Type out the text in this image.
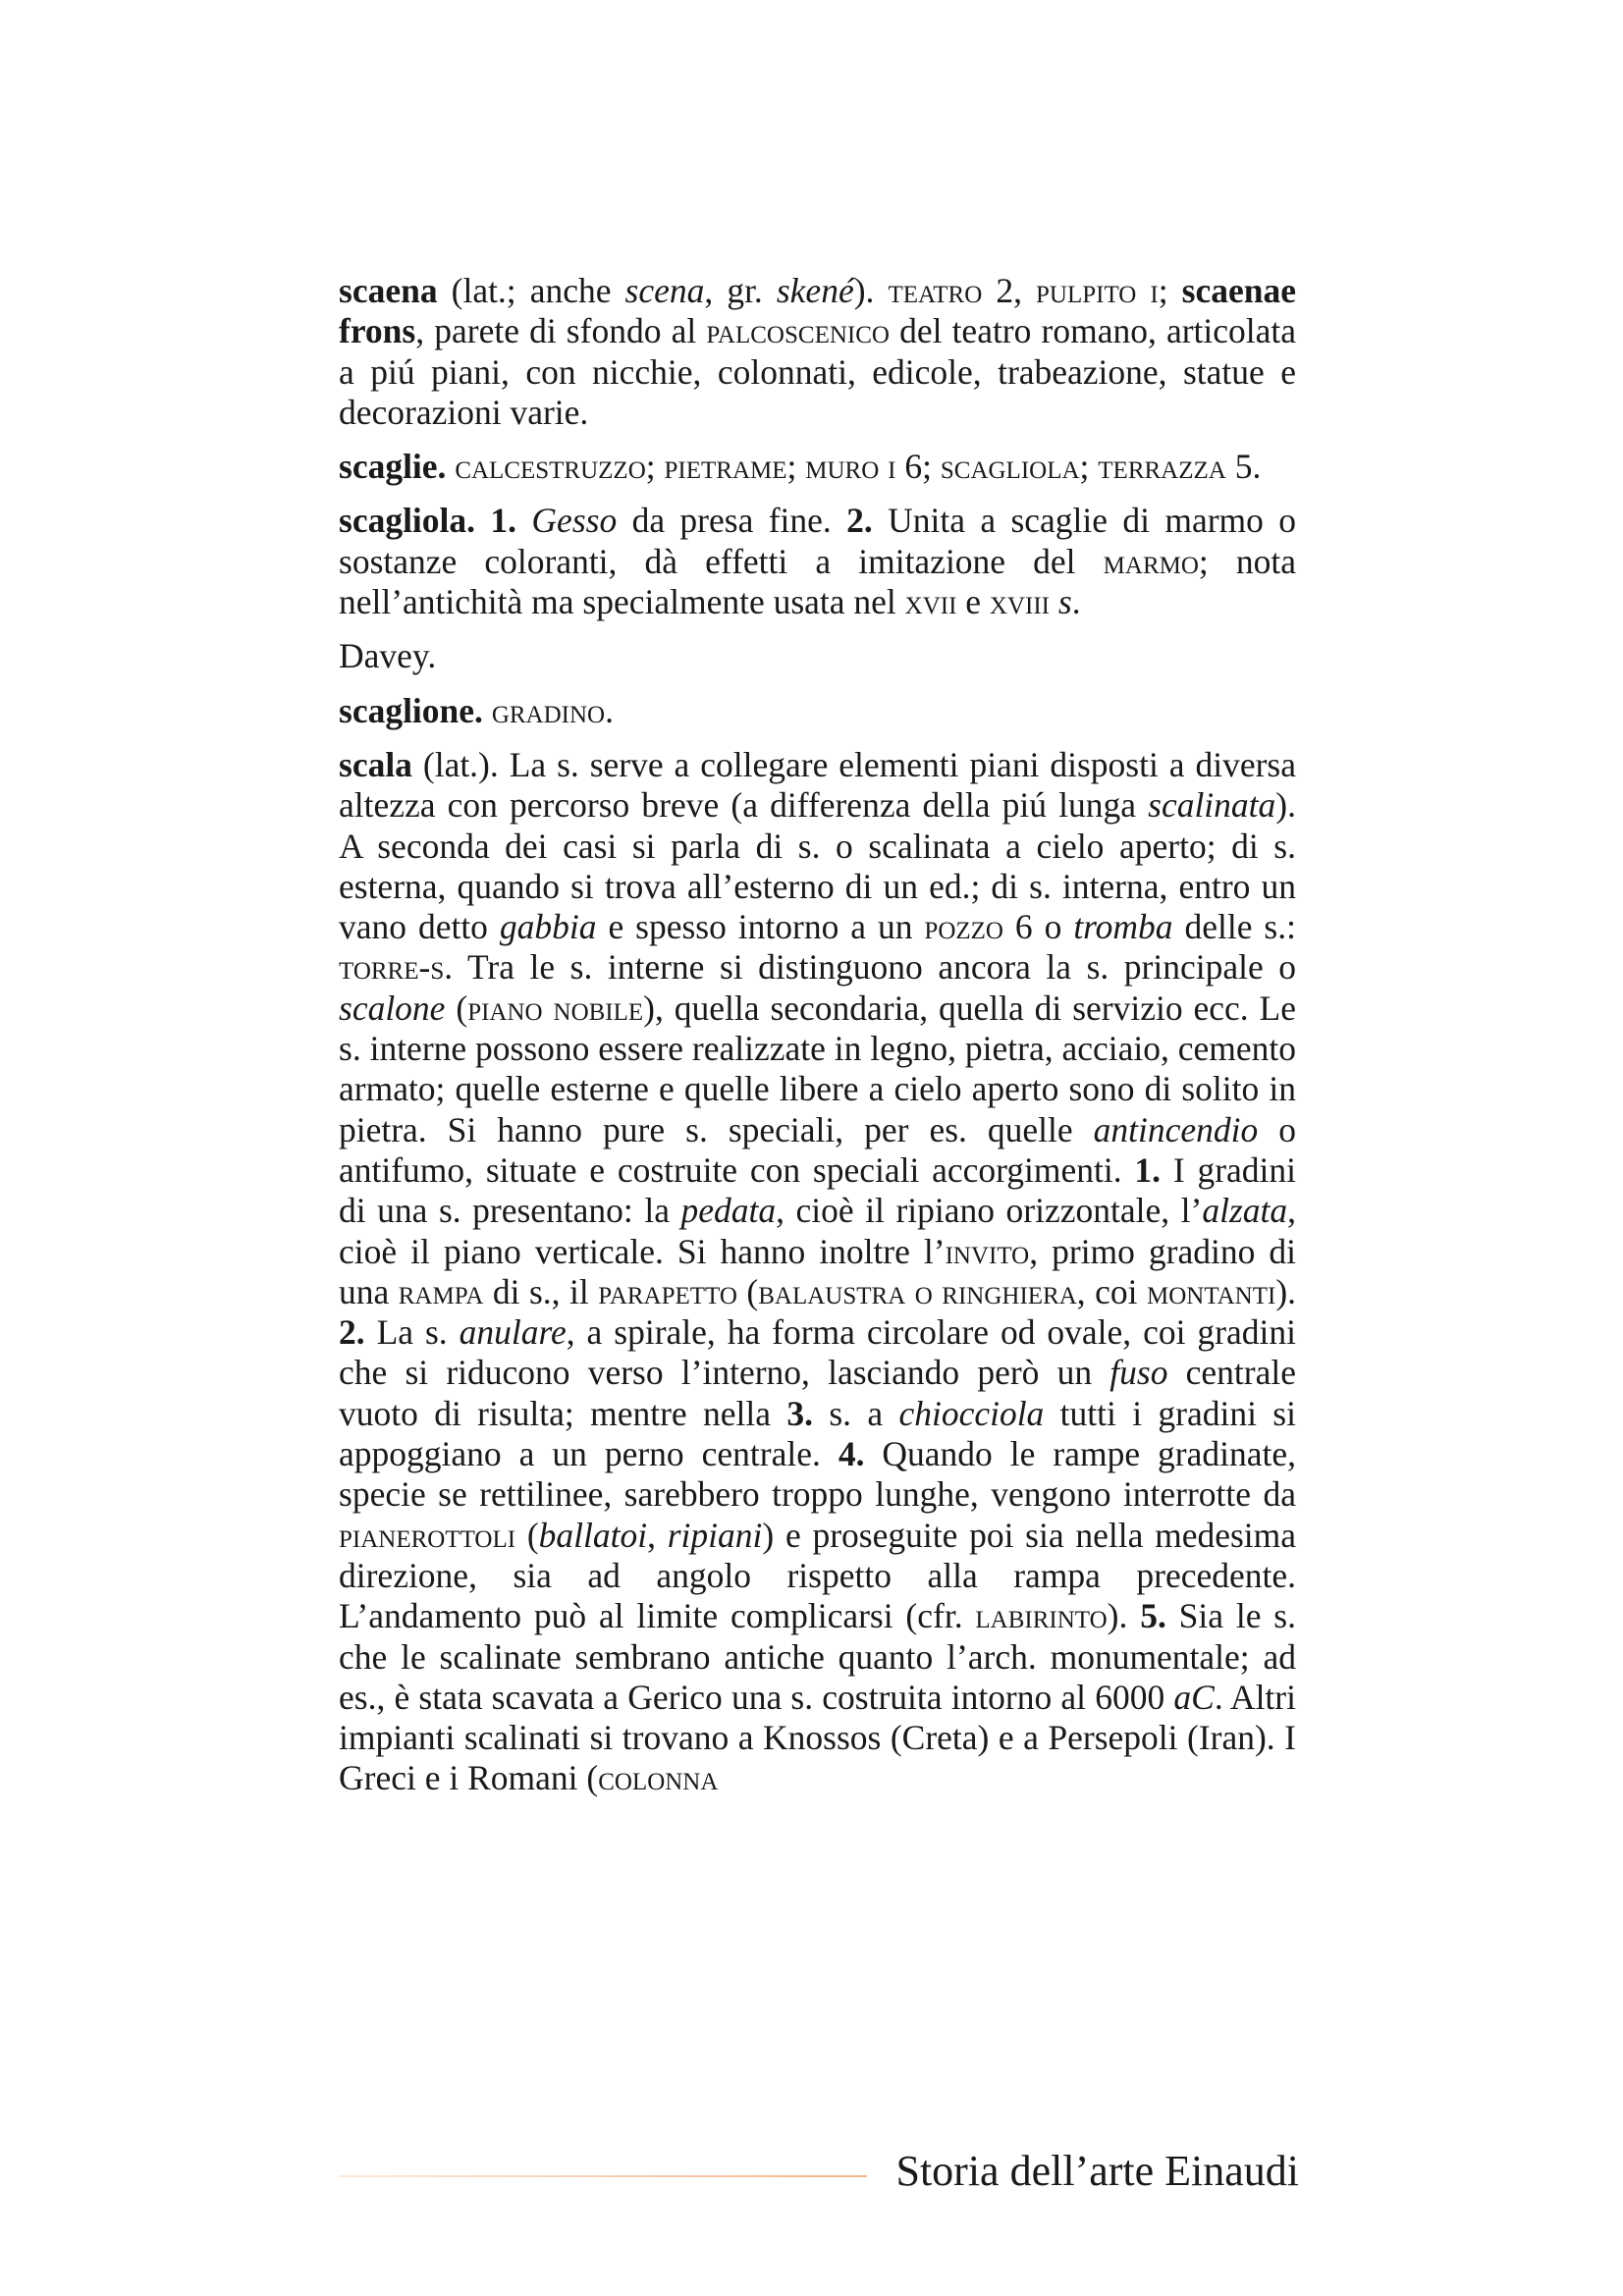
scaena (lat.; anche scena, gr. skené). teatro 2, pulpito i; scaenae frons, parete di sfondo al palcoscenico del teatro romano, articolata a piú piani, con nicchie, colonnati, edicole, trabeazione, statue e decorazioni varie.

scaglie. calcestruzzo; pietrame; muro i 6; scagliola; terrazza 5.

scagliola. 1. Gesso da presa fine. 2. Unita a scaglie di marmo o sostanze coloranti, dà effetti a imitazione del marmo; nota nell’antichità ma specialmente usata nel xvii e xviii s.

Davey.

scaglione. gradino.

scala (lat.). La s. serve a collegare elementi piani disposti a diversa altezza con percorso breve (a differenza della piú lunga scalinata). A seconda dei casi si parla di s. o scalinata a cielo aperto; di s. esterna, quando si trova all’esterno di un ed.; di s. interna, entro un vano detto gabbia e spesso intorno a un pozzo 6 o tromba delle s.: torre-s. Tra le s. interne si distinguono ancora la s. principale o scalone (piano nobile), quella secondaria, quella di servizio ecc. Le s. interne possono essere realizzate in legno, pietra, acciaio, cemento armato; quelle esterne e quelle libere a cielo aperto sono di solito in pietra. Si hanno pure s. speciali, per es. quelle antincendio o antifumo, situate e costruite con speciali accorgimenti. 1. I gradini di una s. presentano: la pedata, cioè il ripiano orizzontale, l’alzata, cioè il piano verticale. Si hanno inoltre l’invito, primo gradino di una rampa di s., il parapetto (balaustra o ringhiera, coi montanti). 2. La s. anulare, a spirale, ha forma circolare od ovale, coi gradini che si riducono verso l’interno, lasciando però un fuso centrale vuoto di risulta; mentre nella 3. s. a chiocciola tutti i gradini si appoggiano a un perno centrale. 4. Quando le rampe gradinate, specie se rettilinee, sarebbero troppo lunghe, vengono interrotte da pianerottoli (ballatoi, ripiani) e proseguite poi sia nella medesima direzione, sia ad angolo rispetto alla rampa precedente. L’andamento può al limite complicarsi (cfr. labirinto). 5. Sia le s. che le scalinate sembrano antiche quanto l’arch. monumentale; ad es., è stata scavata a Gerico una s. costruita intorno al 6000 aC. Altri impianti scalinati si trovano a Knossos (Creta) e a Persepoli (Iran). I Greci e i Romani (colonna

Storia dell’arte Einaudi
